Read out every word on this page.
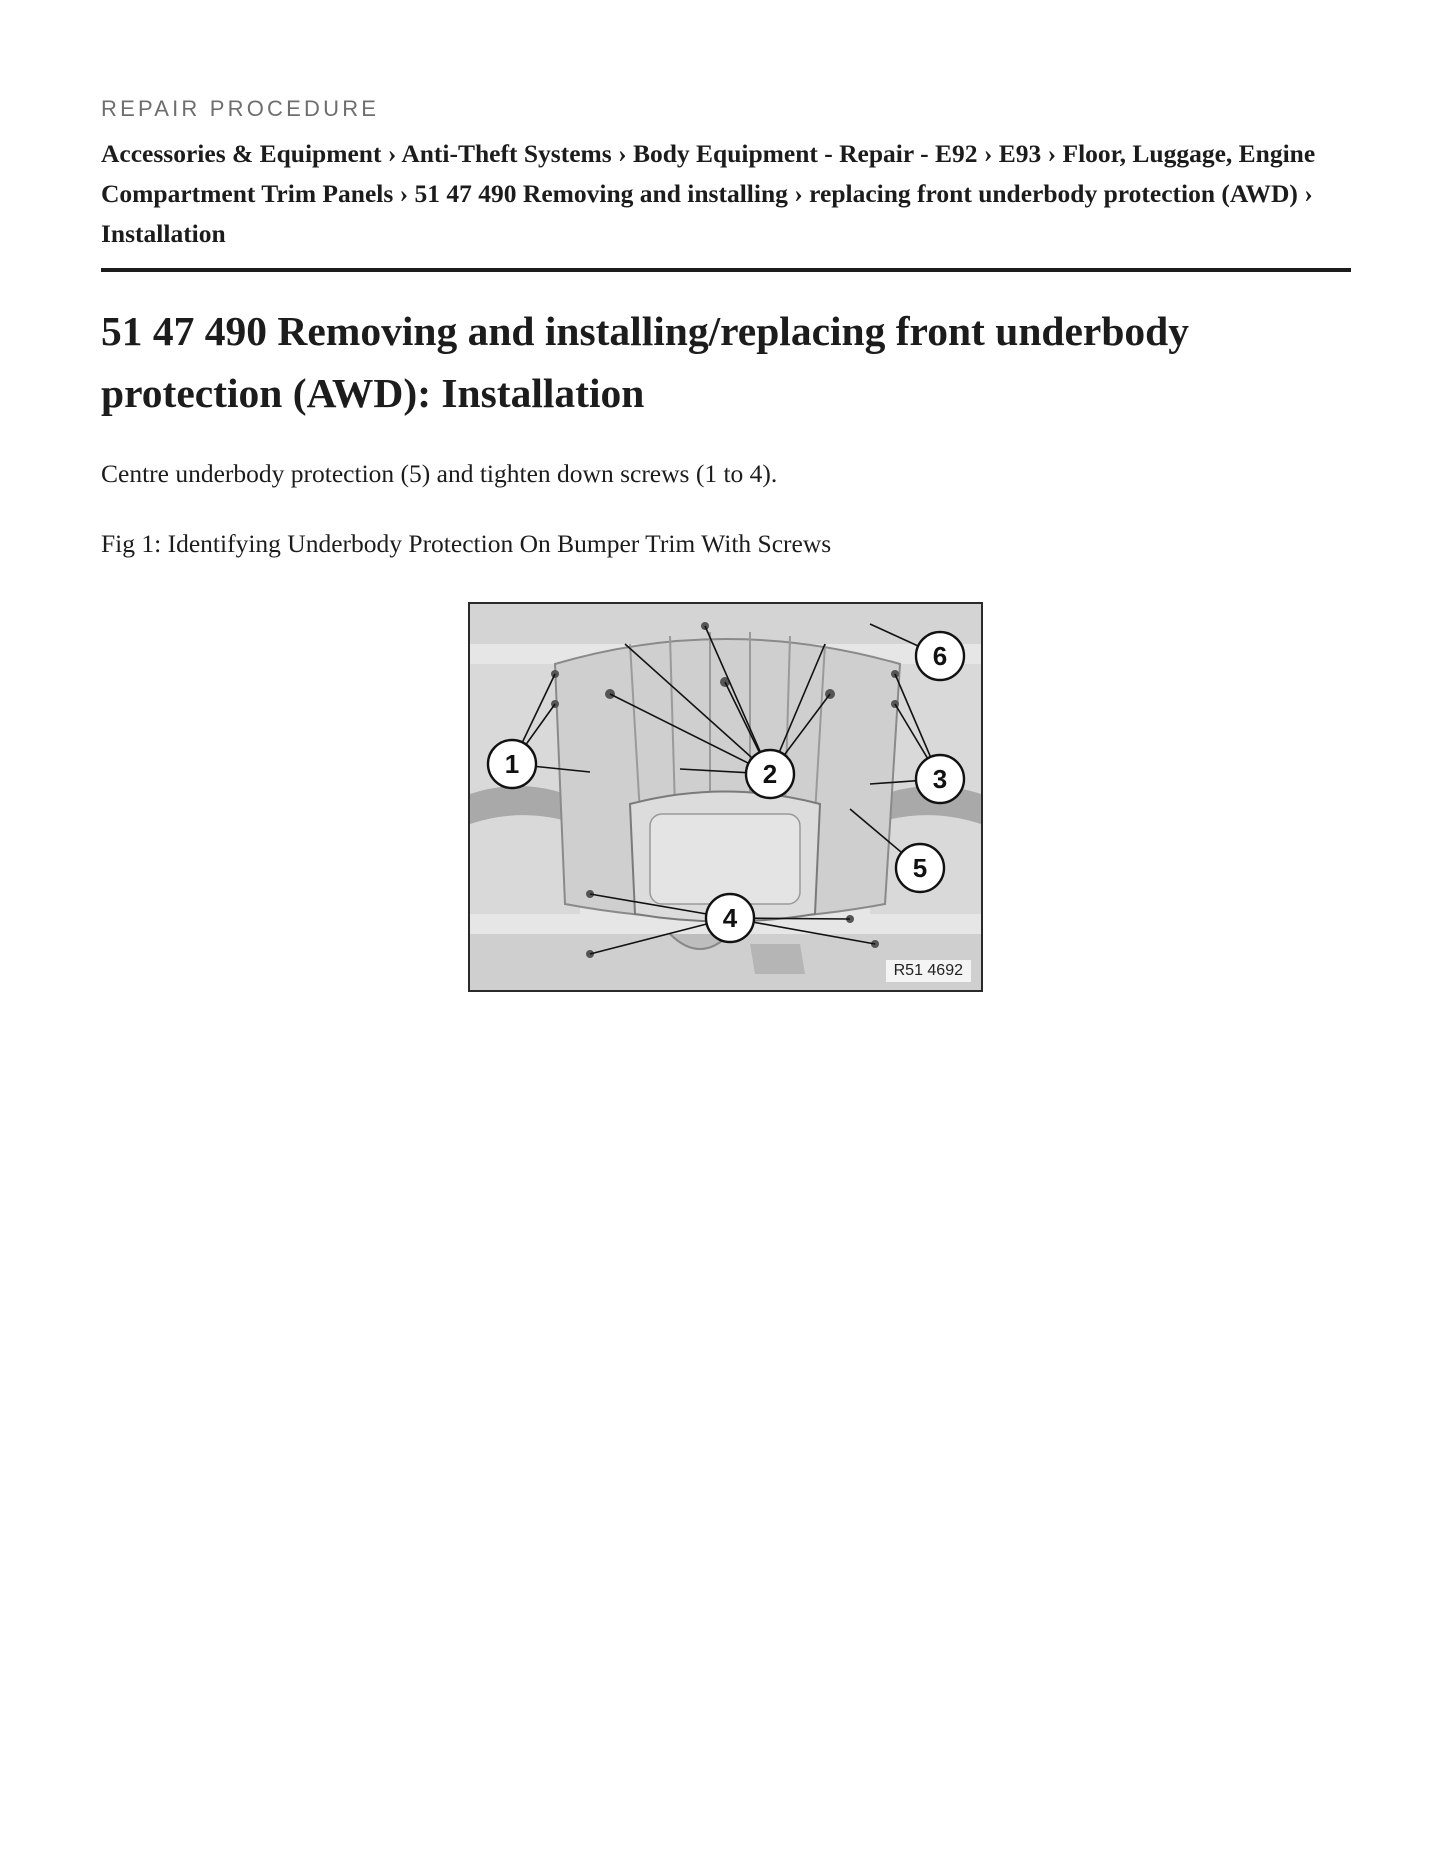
REPAIR PROCEDURE
Accessories & Equipment › Anti-Theft Systems › Body Equipment - Repair - E92 › E93 › Floor, Luggage, Engine Compartment Trim Panels › 51 47 490 Removing and installing › replacing front underbody protection (AWD) › Installation
51 47 490 Removing and installing/replacing front underbody protection (AWD): Installation

Centre underbody protection (5) and tighten down screws (1 to 4).

Fig 1: Identifying Underbody Protection On Bumper Trim With Screws

1	2	3
4
5
6
R51 4692
